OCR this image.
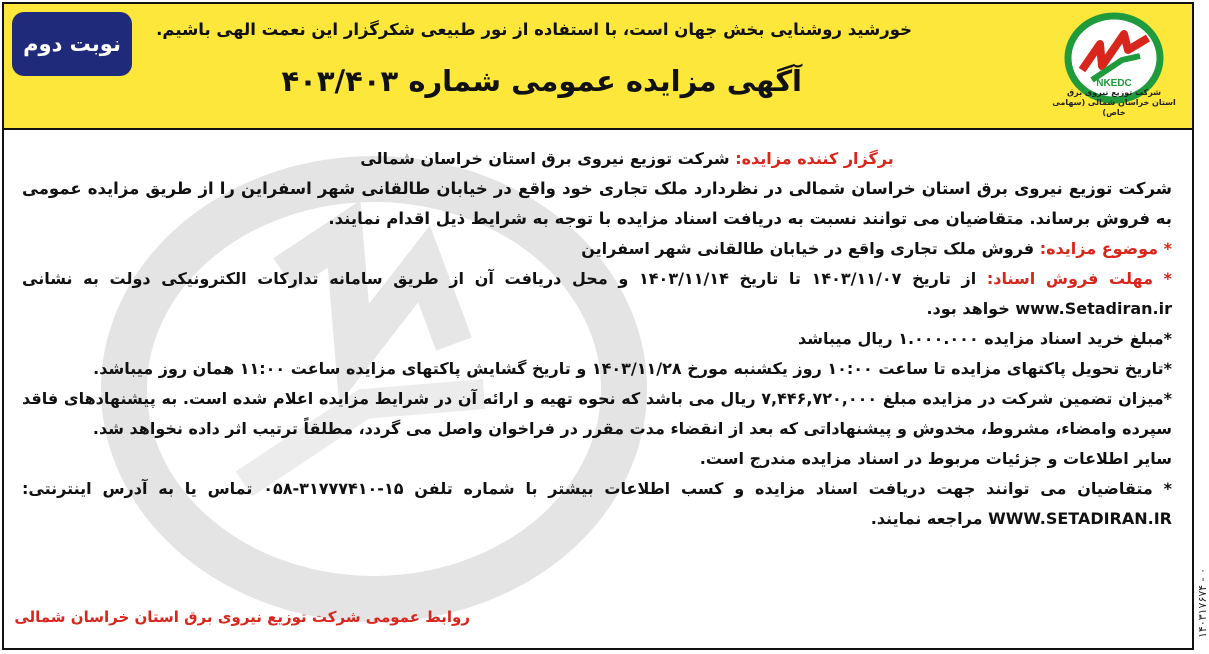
نوبت دوم
خورشید روشنایی بخش جهان است، با استفاده از نور طبیعی شکرگزار این نعمت الهی باشیم.
آگهی مزایده عمومی شماره ۴۰۳/۴۰۳	NKEDC
شرکت توزیع نیروی برق
استان خراسان شمالی (سهامی خاص)

برگزار کننده مزایده: شرکت توزیع نیروی برق استان خراسان شمالی

شرکت توزیع نیروی برق استان خراسان شمالی در نظردارد ملک تجاری خود واقع در خیابان طالقانی شهر اسفراین را از طریق مزایده عمومی به فروش برساند. متقاضیان می توانند نسبت به دریافت اسناد مزایده با توجه به شرایط ذیل اقدام نمایند.

* موضوع مزایده: فروش ملک تجاری واقع در خیابان طالقانی شهر اسفراین

* مهلت فروش اسناد: از تاریخ ۱۴۰۳/۱۱/۰۷ تا تاریخ ۱۴۰۳/۱۱/۱۴ و محل دریافت آن از طریق سامانه تدارکات الکترونیکی دولت به نشانی www.Setadiran.ir خواهد بود.

*مبلغ خرید اسناد مزایده ۱.۰۰۰.۰۰۰ ریال میباشد

*تاریخ تحویل پاکتهای مزایده تا ساعت ۱۰:۰۰ روز یکشنبه مورخ ۱۴۰۳/۱۱/۲۸ و تاریخ گشایش پاکتهای مزایده ساعت ۱۱:۰۰ همان روز میباشد.

*میزان تضمین شرکت در مزایده مبلغ ۷,۴۴۶,۷۲۰,۰۰۰ ریال می باشد که نحوه تهیه و ارائه آن در شرایط مزایده اعلام شده است. به پیشنهادهای فاقد سپرده وامضاء، مشروط، مخدوش و پیشنهاداتی که بعد از انقضاء مدت مقرر در فراخوان واصل می گردد، مطلقاً ترتیب اثر داده نخواهد شد.

سایر اطلاعات و جزئیات مربوط در اسناد مزایده مندرج است.

* متقاضیان می توانند جهت دریافت اسناد مزایده و کسب اطلاعات بیشتر با شماره تلفن ۱۵-۳۱۷۷۷۴۱۰-۰۵۸ تماس یا به آدرس اینترنتی: WWW.SETADIRAN.IR مراجعه نمایند.

روابط عمومی شرکت توزیع نیروی برق استان خراسان شمالی	۱۴۰۳۱۷۶۷۴ - ۰
